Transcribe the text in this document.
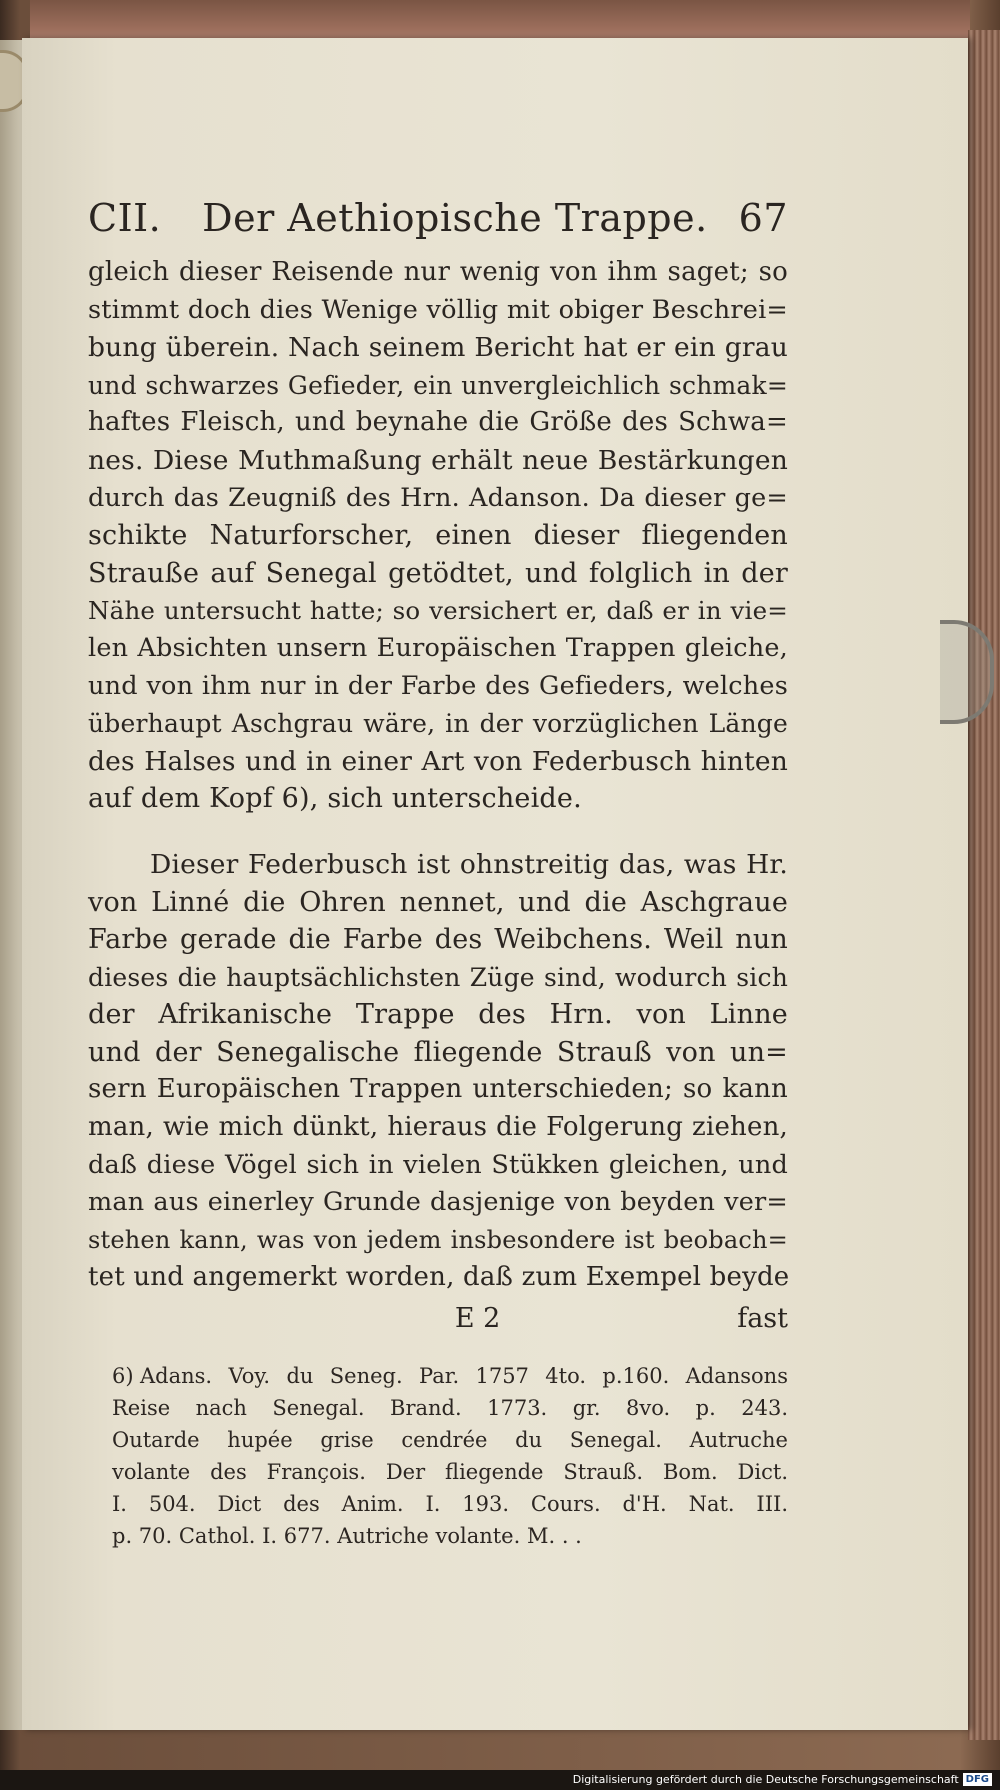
CII.	Der Aethiopische Trappe. 67
gleich dieser Reisende nur wenig von ihm saget; so
stimmt doch dies Wenige völlig mit obiger Beschrei=
bung überein. Nach seinem Bericht hat er ein grau
und schwarzes Gefieder, ein unvergleichlich schmak=
haftes Fleisch, und beynahe die Größe des Schwa=
nes. Diese Muthmaßung erhält neue Bestärkungen
durch das Zeugniß des Hrn. Adanson. Da dieser ge=
schikte Naturforscher, einen dieser fliegenden
Strauße auf Senegal getödtet, und folglich in der
Nähe untersucht hatte; so versichert er, daß er in vie=
len Absichten unsern Europäischen Trappen gleiche,
und von ihm nur in der Farbe des Gefieders, welches
überhaupt Aschgrau wäre, in der vorzüglichen Länge
des Halses und in einer Art von Federbusch hinten
auf dem Kopf 6), sich unterscheide.
Dieser Federbusch ist ohnstreitig das, was Hr.
von Linné die Ohren nennet, und die Aschgraue
Farbe gerade die Farbe des Weibchens. Weil nun
dieses die hauptsächlichsten Züge sind, wodurch sich
der Afrikanische Trappe des Hrn. von Linne
und der Senegalische fliegende Strauß von un=
sern Europäischen Trappen unterschieden; so kann
man, wie mich dünkt, hieraus die Folgerung ziehen,
daß diese Vögel sich in vielen Stükken gleichen, und
man aus einerley Grunde dasjenige von beyden ver=
stehen kann, was von jedem insbesondere ist beobach=
tet und angemerkt worden, daß zum Exempel beyde
E 2	fast
6) Adans. Voy. du Seneg. Par. 1757 4to. p.160. Adansons
Reise nach Senegal. Brand. 1773. gr. 8vo. p. 243.
Outarde hupée grise cendrée du Senegal. Autruche
volante des François. Der fliegende Strauß. Bom. Dict.
I. 504. Dict des Anim. I. 193. Cours. d'H. Nat. III.
p. 70. Cathol. I. 677. Autriche volante. M. . .
Digitalisierung gefördert durch die Deutsche Forschungsgemeinschaft DFG
